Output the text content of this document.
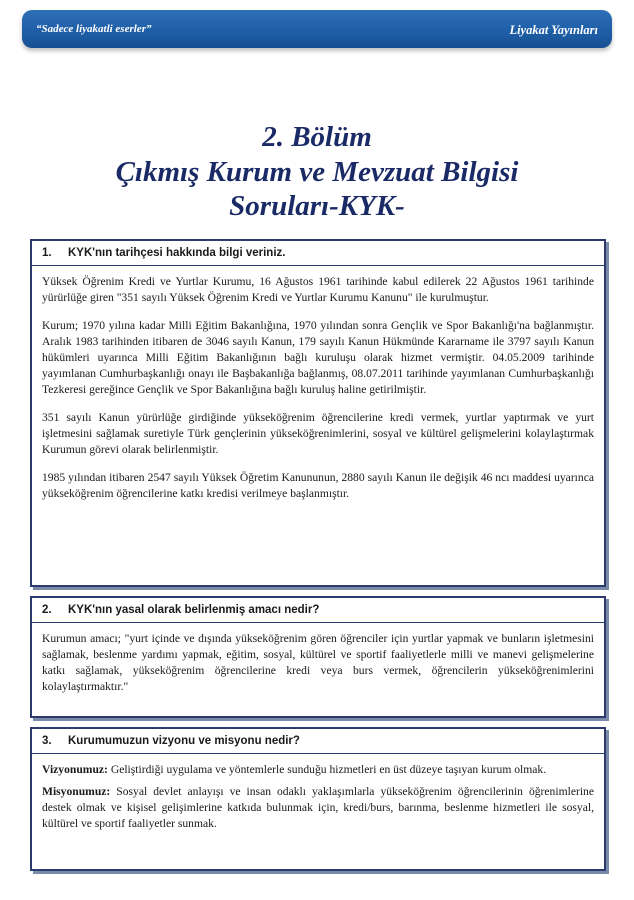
“Sadece liyakatli eserler”	Liyakat Yayınları
2. Bölüm
Çıkmış Kurum ve Mevzuat Bilgisi
Soruları-KYK-
1. KYK'nın tarihçesi hakkında bilgi veriniz.

Yüksek Öğrenim Kredi ve Yurtlar Kurumu, 16 Ağustos 1961 tarihinde kabul edilerek 22 Ağustos 1961 tarihinde yürürlüğe giren "351 sayılı Yüksek Öğrenim Kredi ve Yurtlar Kurumu Kanunu" ile kurulmuştur.

Kurum; 1970 yılına kadar Milli Eğitim Bakanlığına, 1970 yılından sonra Gençlik ve Spor Bakanlığı'na bağlanmıştır. Aralık 1983 tarihinden itibaren de 3046 sayılı Kanun, 179 sayılı Kanun Hükmünde Kararname ile 3797 sayılı Kanun hükümleri uyarınca Milli Eğitim Bakanlığının bağlı kuruluşu olarak hizmet vermiştir. 04.05.2009 tarihinde yayımlanan Cumhurbaşkanlığı onayı ile Başbakanlığa bağlanmış, 08.07.2011 tarihinde yayımlanan Cumhurbaşkanlığı Tezkeresi gereğince Gençlik ve Spor Bakanlığına bağlı kuruluş haline getirilmiştir.

351 sayılı Kanun yürürlüğe girdiğinde yükseköğrenim öğrencilerine kredi vermek, yurtlar yaptırmak ve yurt işletmesini sağlamak suretiyle Türk gençlerinin yükseköğrenimlerini, sosyal ve kültürel gelişmelerini kolaylaştırmak Kurumun görevi olarak belirlenmiştir.

1985 yılından itibaren 2547 sayılı Yüksek Öğretim Kanununun, 2880 sayılı Kanun ile değişik 46 ncı maddesi uyarınca yükseköğrenim öğrencilerine katkı kredisi verilmeye başlanmıştır.

2. KYK'nın yasal olarak belirlenmiş amacı nedir?

Kurumun amacı; "yurt içinde ve dışında yükseköğrenim gören öğrenciler için yurtlar yapmak ve bunların işletmesini sağlamak, beslenme yardımı yapmak, eğitim, sosyal, kültürel ve sportif faaliyetlerle milli ve manevi gelişmelerine katkı sağlamak, yükseköğrenim öğrencilerine kredi veya burs vermek, öğrencilerin yükseköğrenimlerini kolaylaştırmaktır."

3. Kurumumuzun vizyonu ve misyonu nedir?

Vizyonumuz: Geliştirdiği uygulama ve yöntemlerle sunduğu hizmetleri en üst düzeye taşıyan kurum olmak.

Misyonumuz: Sosyal devlet anlayışı ve insan odaklı yaklaşımlarla yükseköğrenim öğrencilerinin öğrenimlerine destek olmak ve kişisel gelişimlerine katkıda bulunmak için, kredi/burs, barınma, beslenme hizmetleri ile sosyal, kültürel ve sportif faaliyetler sunmak.
